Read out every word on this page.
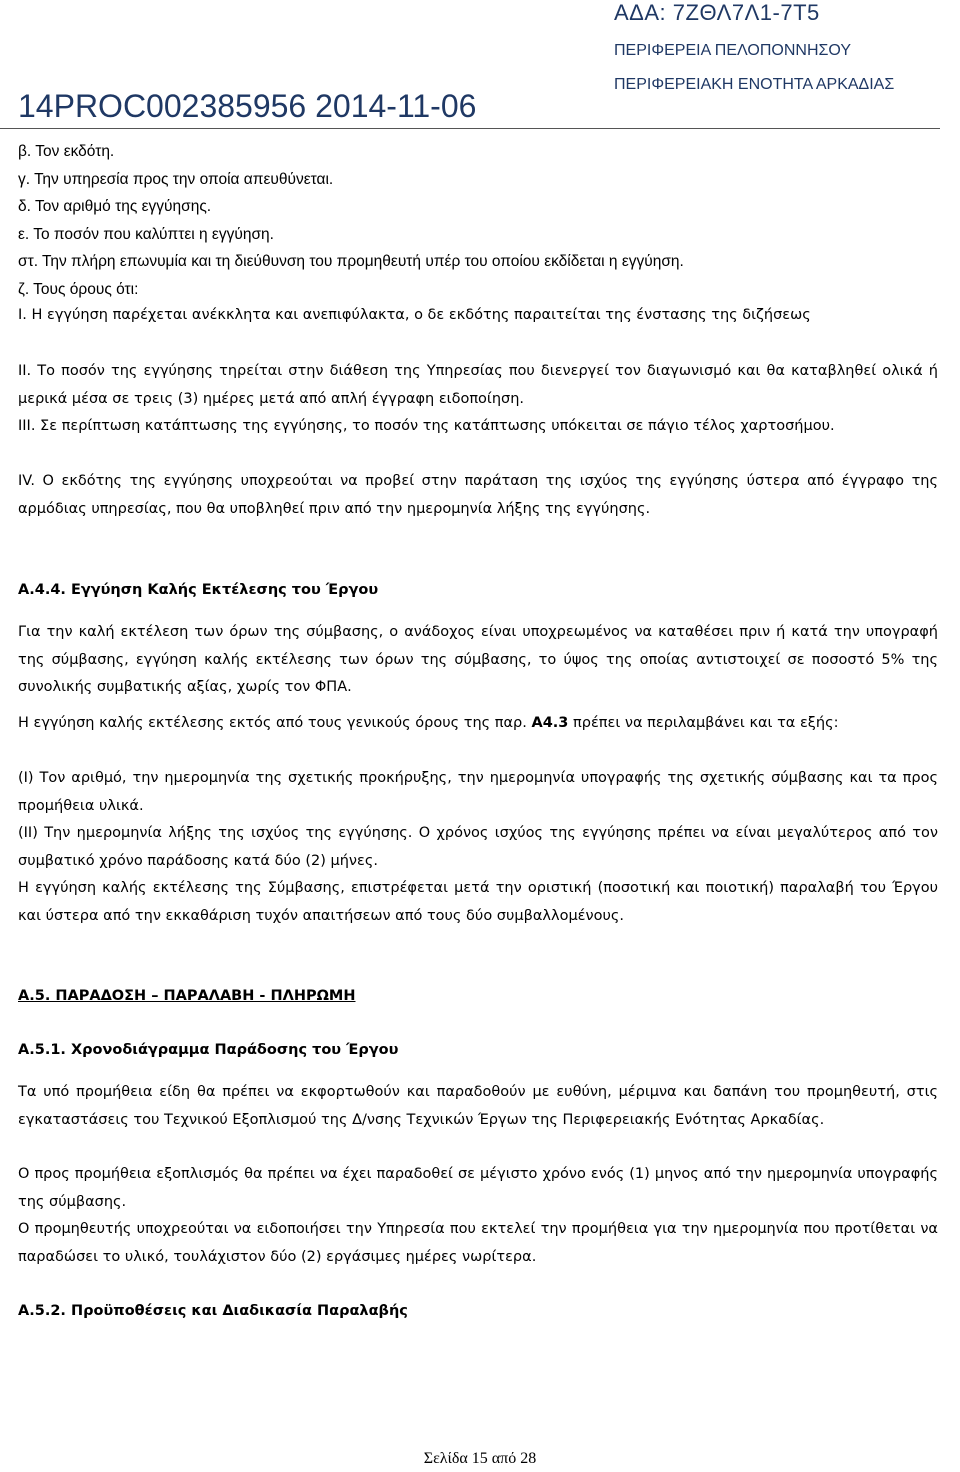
ΑΔΑ: 7ΖΘΛ7Λ1-7Τ5
ΠΕΡΙΦΕΡΕΙΑ ΠΕΛΟΠΟΝΝΗΣΟΥ
ΠΕΡΙΦΕΡΕΙΑΚΗ ΕΝΟΤΗΤΑ ΑΡΚΑΔΙΑΣ
14PROC002385956 2014-11-06
β. Τον εκδότη.
γ. Την υπηρεσία προς την οποία απευθύνεται.
δ. Τον αριθμό της εγγύησης.
ε. Το ποσόν που καλύπτει η εγγύηση.
στ. Την πλήρη επωνυμία και τη διεύθυνση του προμηθευτή υπέρ του οποίου εκδίδεται η εγγύηση.
ζ. Τους όρους ότι:
I. Η εγγύηση παρέχεται ανέκκλητα και ανεπιφύλακτα, ο δε εκδότης παραιτείται της ένστασης της διζήσεως
II. Το ποσόν της εγγύησης τηρείται στην διάθεση της Υπηρεσίας που διενεργεί τον διαγωνισμό και θα καταβληθεί ολικά ή μερικά μέσα σε τρεις (3) ημέρες μετά από απλή έγγραφη ειδοποίηση.
III. Σε περίπτωση κατάπτωσης της εγγύησης, το ποσόν της κατάπτωσης υπόκειται σε πάγιο τέλος χαρτοσήμου.
IV. Ο εκδότης της εγγύησης υποχρεούται να προβεί στην παράταση της ισχύος της εγγύησης ύστερα από έγγραφο της αρμόδιας υπηρεσίας, που θα υποβληθεί πριν από την ημερομηνία λήξης της εγγύησης.
Α.4.4. Εγγύηση Καλής Εκτέλεσης του Έργου
Για την καλή εκτέλεση των όρων της σύμβασης, ο ανάδοχος είναι υποχρεωμένος να καταθέσει πριν ή κατά την υπογραφή της σύμβασης, εγγύηση καλής εκτέλεσης των όρων της σύμβασης, το ύψος της οποίας αντιστοιχεί σε ποσοστό 5% της συνολικής συμβατικής αξίας, χωρίς τον ΦΠΑ.
Η εγγύηση καλής εκτέλεσης εκτός από τους γενικούς όρους της παρ. Α4.3 πρέπει να περιλαμβάνει και τα εξής:
(Ι) Τον αριθμό, την ημερομηνία της σχετικής προκήρυξης, την ημερομηνία υπογραφής της σχετικής σύμβασης και τα προς προμήθεια υλικά.
(ΙΙ) Την ημερομηνία λήξης της ισχύος της εγγύησης. Ο χρόνος ισχύος της εγγύησης πρέπει να είναι μεγαλύτερος από τον συμβατικό χρόνο παράδοσης κατά δύο (2) μήνες.
Η εγγύηση καλής εκτέλεσης της Σύμβασης, επιστρέφεται μετά την οριστική (ποσοτική και ποιοτική) παραλαβή του Έργου και ύστερα από την εκκαθάριση τυχόν απαιτήσεων από τους δύο συμβαλλομένους.
Α.5. ΠΑΡΑΔΟΣΗ – ΠΑΡΑΛΑΒΗ - ΠΛΗΡΩΜΗ
Α.5.1. Χρονοδιάγραμμα Παράδοσης του Έργου
Τα υπό προμήθεια είδη θα πρέπει να εκφορτωθούν και παραδοθούν με ευθύνη, μέριμνα και δαπάνη του προμηθευτή, στις εγκαταστάσεις του Τεχνικού Εξοπλισμού της Δ/νσης Τεχνικών Έργων της Περιφερειακής Ενότητας Αρκαδίας.
Ο προς προμήθεια εξοπλισμός θα πρέπει να έχει παραδοθεί σε μέγιστο χρόνο ενός (1) μηνος από την ημερομηνία υπογραφής της σύμβασης.
Ο προμηθευτής υποχρεούται να ειδοποιήσει την Υπηρεσία που εκτελεί την προμήθεια για την ημερομηνία που προτίθεται να παραδώσει το υλικό, τουλάχιστον δύο (2) εργάσιμες ημέρες νωρίτερα.
Α.5.2. Προϋποθέσεις και Διαδικασία Παραλαβής
Σελίδα 15 από 28
